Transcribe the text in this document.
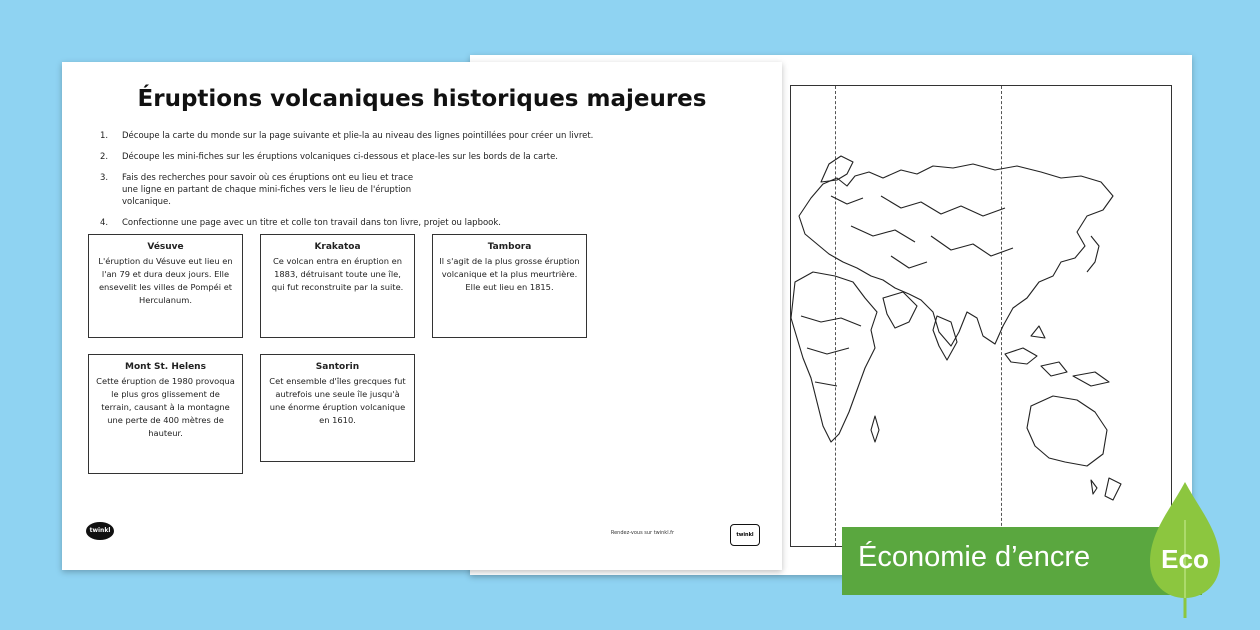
Éruptions volcaniques historiques majeures
1. Découpe la carte du monde sur la page suivante et plie-la au niveau des lignes pointillées pour créer un livret.
2. Découpe les mini-fiches sur les éruptions volcaniques ci-dessous et place-les sur les bords de la carte.
3. Fais des recherches pour savoir où ces éruptions ont eu lieu et trace une ligne en partant de chaque mini-fiches vers le lieu de l'éruption volcanique.
4. Confectionne une page avec un titre et colle ton travail dans ton livre, projet ou lapbook.
Vésuve
L'éruption du Vésuve eut lieu en l'an 79 et dura deux jours. Elle ensevelit les villes de Pompéi et Herculanum.
Krakatoa
Ce volcan entra en éruption en 1883, détruisant toute une île, qui fut reconstruite par la suite.
Tambora
Il s'agit de la plus grosse éruption volcanique et la plus meurtrière. Elle eut lieu en 1815.
Mont St. Helens
Cette éruption de 1980 provoqua le plus gros glissement de terrain, causant à la montagne une perte de 400 mètres de hauteur.
Santorin
Cet ensemble d'îles grecques fut autrefois une seule île jusqu'à une énorme éruption volcanique en 1610.
twinkl	Rendez-vous sur twinkl.fr	twinkl
Économie d’encre	Eco
